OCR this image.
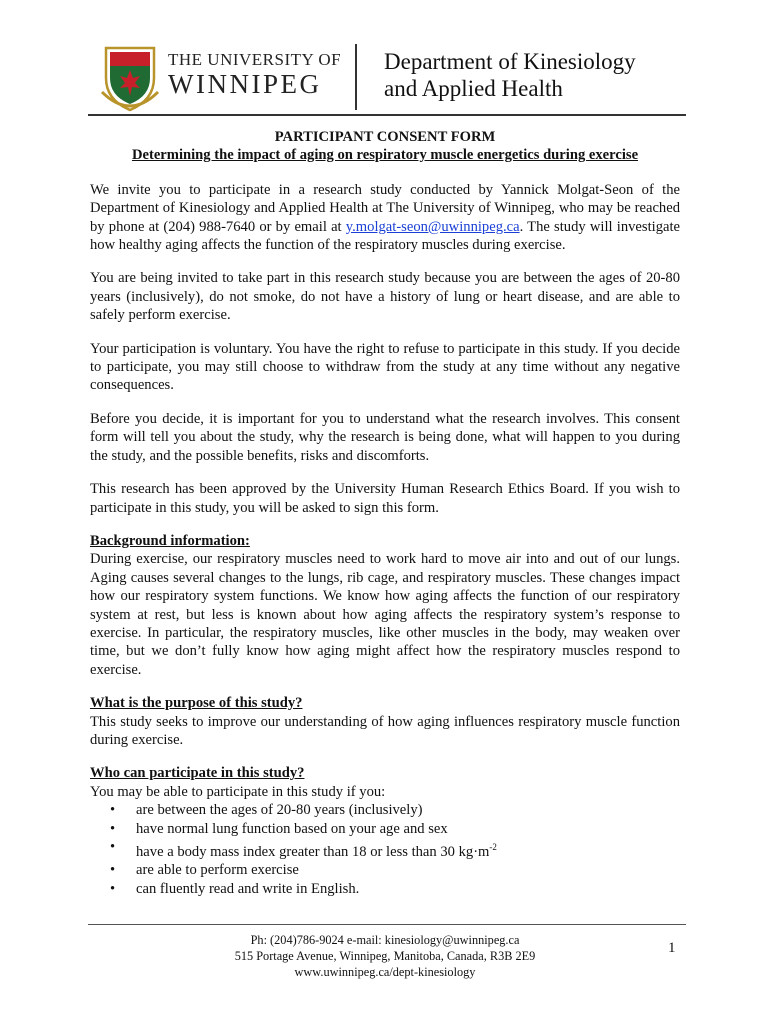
THE UNIVERSITY OF
WINNIPEG
Department of Kinesiology
and Applied Health
PARTICIPANT CONSENT FORM
Determining the impact of aging on respiratory muscle energetics during exercise

We invite you to participate in a research study conducted by Yannick Molgat-Seon of the Department of Kinesiology and Applied Health at The University of Winnipeg, who may be reached by phone at (204) 988-7640 or by email at y.molgat-seon@uwinnipeg.ca. The study will investigate how healthy aging affects the function of the respiratory muscles during exercise.

You are being invited to take part in this research study because you are between the ages of 20-80 years (inclusively), do not smoke, do not have a history of lung or heart disease, and are able to safely perform exercise.

Your participation is voluntary. You have the right to refuse to participate in this study. If you decide to participate, you may still choose to withdraw from the study at any time without any negative consequences.

Before you decide, it is important for you to understand what the research involves. This consent form will tell you about the study, why the research is being done, what will happen to you during the study, and the possible benefits, risks and discomforts.

This research has been approved by the University Human Research Ethics Board. If you wish to participate in this study, you will be asked to sign this form.

Background information:

During exercise, our respiratory muscles need to work hard to move air into and out of our lungs. Aging causes several changes to the lungs, rib cage, and respiratory muscles. These changes impact how our respiratory system functions. We know how aging affects the function of our respiratory system at rest, but less is known about how aging affects the respiratory system’s response to exercise. In particular, the respiratory muscles, like other muscles in the body, may weaken over time, but we don’t fully know how aging might affect how the respiratory muscles respond to exercise.

What is the purpose of this study?

This study seeks to improve our understanding of how aging influences respiratory muscle function during exercise.

Who can participate in this study?
You may be able to participate in this study if you:
• are between the ages of 20-80 years (inclusively)
• have normal lung function based on your age and sex
• have a body mass index greater than 18 or less than 30 $kg\cdot m^{-2}$
• are able to perform exercise
• can fluently read and write in English.
Ph: (204)786-9024 e-mail: kinesiology@uwinnipeg.ca
515 Portage Avenue, Winnipeg, Manitoba, Canada, R3B 2E9
www.uwinnipeg.ca/dept-kinesiology
1
